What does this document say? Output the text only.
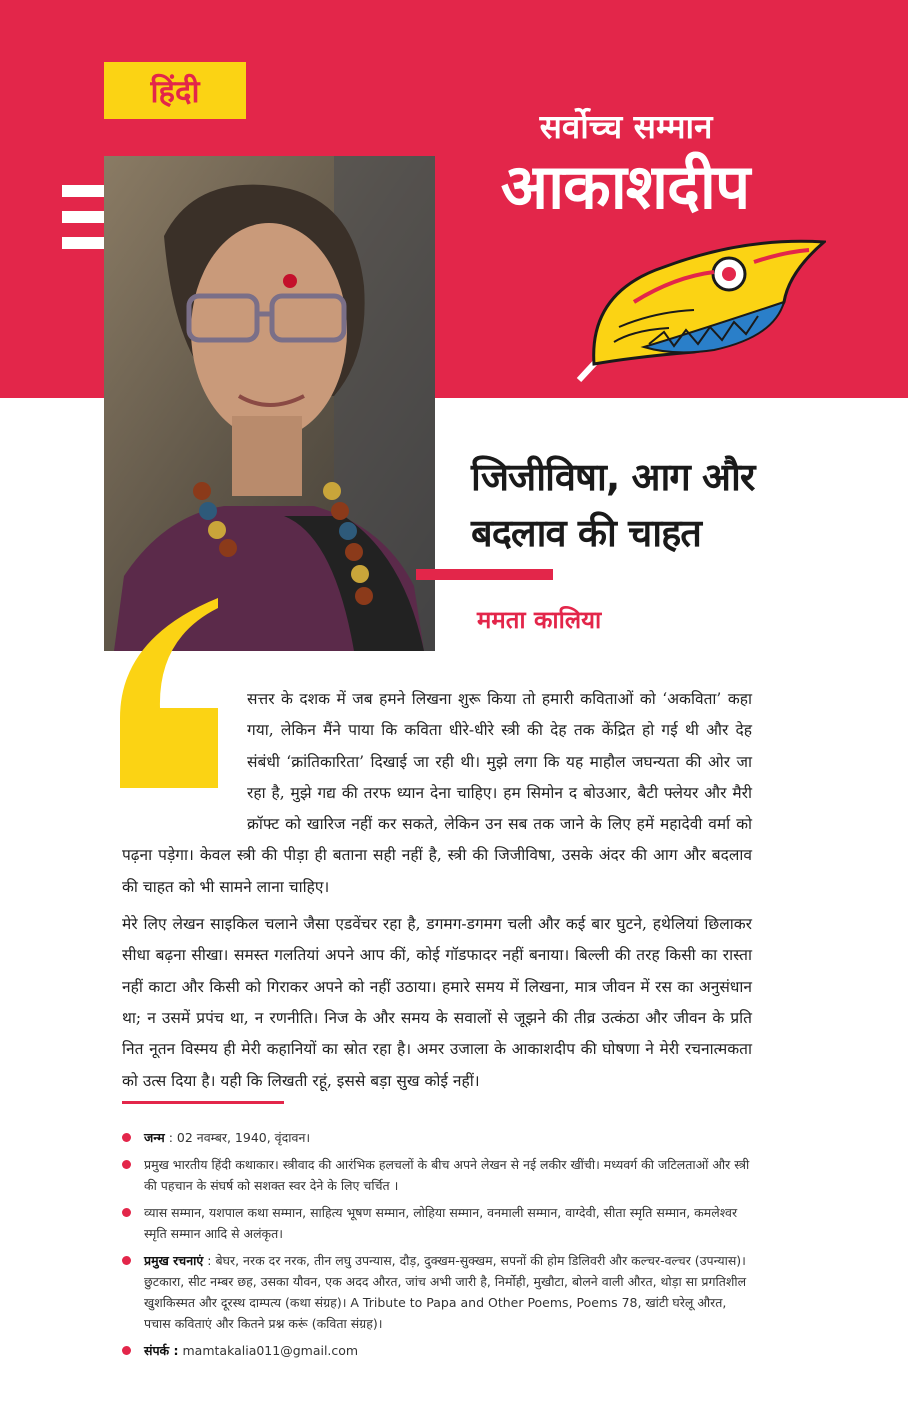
हिंदी
सर्वोच्च सम्मान
आकाशदीप
जिजीविषा, आग और
बदलाव की चाहत
ममता कालिया

सत्तर के दशक में जब हमने लिखना शुरू किया तो हमारी कविताओं को ‘अकविता’ कहा गया, लेकिन मैंने पाया कि कविता धीरे-धीरे स्त्री की देह तक केंद्रित हो गई थी और देह संबंधी ‘क्रांतिकारिता’ दिखाई जा रही थी। मुझे लगा कि यह माहौल जघन्यता की ओर जा रहा है, मुझे गद्य की तरफ ध्यान देना चाहिए। हम सिमोन द बोउआर, बैटी फ्लेयर और मैरी क्रॉफ्ट को खारिज नहीं कर सकते, लेकिन उन सब तक जाने के लिए हमें महादेवी वर्मा को पढ़ना पड़ेगा। केवल स्त्री की पीड़ा ही बताना सही नहीं है, स्त्री की जिजीविषा, उसके अंदर की आग और बदलाव की चाहत को भी सामने लाना चाहिए।

मेरे लिए लेखन साइकिल चलाने जैसा एडवेंचर रहा है, डगमग-डगमग चली और कई बार घुटने, हथेलियां छिलाकर सीधा बढ़ना सीखा। समस्त गलतियां अपने आप कीं, कोई गॉडफादर नहीं बनाया। बिल्ली की तरह किसी का रास्ता नहीं काटा और किसी को गिराकर अपने को नहीं उठाया। हमारे समय में लिखना, मात्र जीवन में रस का अनुसंधान था; न उसमें प्रपंच था, न रणनीति। निज के और समय के सवालों से जूझने की तीव्र उत्कंठा और जीवन के प्रति नित नूतन विस्मय ही मेरी कहानियों का स्रोत रहा है। अमर उजाला के आकाशदीप की घोषणा ने मेरी रचनात्मकता को उत्स दिया है। यही कि लिखती रहूं, इससे बड़ा सुख कोई नहीं।

जन्म : 02 नवम्बर, 1940, वृंदावन।
प्रमुख भारतीय हिंदी कथाकार। स्त्रीवाद की आरंभिक हलचलों के बीच अपने लेखन से नई लकीर खींची। मध्यवर्ग की जटिलताओं और स्त्री की पहचान के संघर्ष को सशक्त स्वर देने के लिए चर्चित ।
व्यास सम्मान, यशपाल कथा सम्मान, साहित्य भूषण सम्मान, लोहिया सम्मान, वनमाली सम्मान, वाग्देवी, सीता स्मृति सम्मान, कमलेश्वर स्मृति सम्मान आदि से अलंकृत।
प्रमुख रचनाएं : बेघर, नरक दर नरक, तीन लघु उपन्यास, दौड़, दुक्खम-सुक्खम, सपनों की होम डिलिवरी और कल्चर-वल्चर (उपन्यास)। छुटकारा, सीट नम्बर छह, उसका यौवन, एक अदद औरत, जांच अभी जारी है, निर्मोही, मुखौटा, बोलने वाली औरत, थोड़ा सा प्रगतिशील खुशकिस्मत और दूरस्थ दाम्पत्य (कथा संग्रह)। A Tribute to Papa and Other Poems, Poems 78, खांटी घरेलू औरत, पचास कविताएं और कितने प्रश्न करूं (कविता संग्रह)।
संपर्क : mamtakalia011@gmail.com
